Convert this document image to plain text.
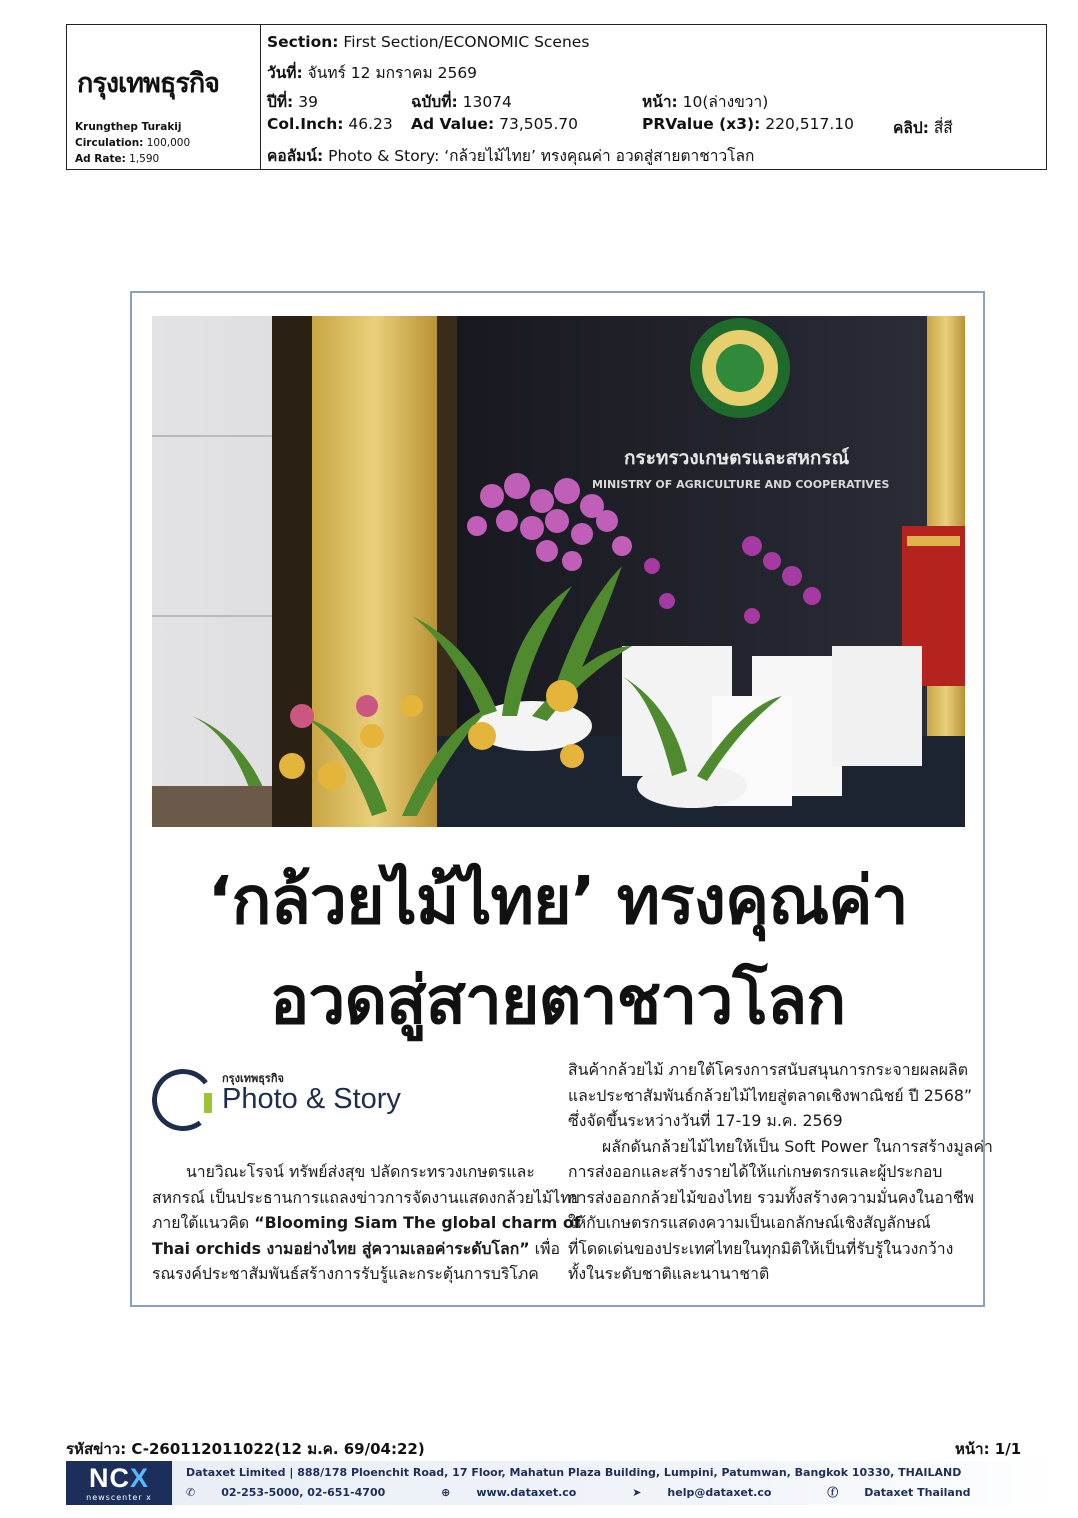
กรุงเทพธุรกิจ
Krungthep Turakij
Circulation: 100,000
Ad Rate: 1,590
Section: First Section/ECONOMIC Scenes
วันที่: จันทร์ 12 มกราคม 2569
ปีที่: 39	ฉบับที่: 13074	หน้า: 10(ล่างขวา)
Col.Inch: 46.23 Ad Value: 73,505.70	PRValue (x3): 220,517.10	คลิป: สี่สี
คอลัมน์: Photo & Story: ‘กล้วยไม้ไทย’ ทรงคุณค่า อวดสู่สายตาชาวโลก
กระทรวงเกษตรและสหกรณ์
MINISTRY OF AGRICULTURE AND COOPERATIVES
‘กล้วยไม้ไทย’ ทรงคุณค่า
อวดสู่สายตาชาวโลก
กรุงเทพธุรกิจ
Photo & Story
นายวิณะโรจน์ ทรัพย์ส่งสุข ปลัดกระทรวงเกษตรและ
สหกรณ์ เป็นประธานการแถลงข่าวการจัดงานแสดงกล้วยไม้ไทย
ภายใต้แนวคิด “Blooming Siam The global charm of
Thai orchids งามอย่างไทย สู่ความเลอค่าระดับโลก” เพื่อ
รณรงค์ประชาสัมพันธ์สร้างการรับรู้และกระตุ้นการบริโภค
สินค้ากล้วยไม้ ภายใต้โครงการสนับสนุนการกระจายผลผลิต
และประชาสัมพันธ์กล้วยไม้ไทยสู่ตลาดเชิงพาณิชย์ ปี 2568”
ซึ่งจัดขึ้นระหว่างวันที่ 17-19 ม.ค. 2569
ผลักดันกล้วยไม้ไทยให้เป็น Soft Power ในการสร้างมูลค่า
การส่งออกและสร้างรายได้ให้แก่เกษตรกรและผู้ประกอบ
การส่งออกกล้วยไม้ของไทย รวมทั้งสร้างความมั่นคงในอาชีพ
ให้กับเกษตรกรแสดงความเป็นเอกลักษณ์เชิงสัญลักษณ์
ที่โดดเด่นของประเทศไทยในทุกมิติให้เป็นที่รับรู้ในวงกว้าง
ทั้งในระดับชาติและนานาชาติ
รหัสข่าว: C-260112011022(12 ม.ค. 69/04:22)	หน้า: 1/1
NCX
newscenter x
Dataxet Limited | 888/178 Ploenchit Road, 17 Floor, Mahatun Plaza Building, Lumpini, Patumwan, Bangkok 10330, THAILAND
✆ 02-253-5000, 02-651-4700	⊕ www.dataxet.co	➤ help@dataxet.co	ⓕ Dataxet Thailand
